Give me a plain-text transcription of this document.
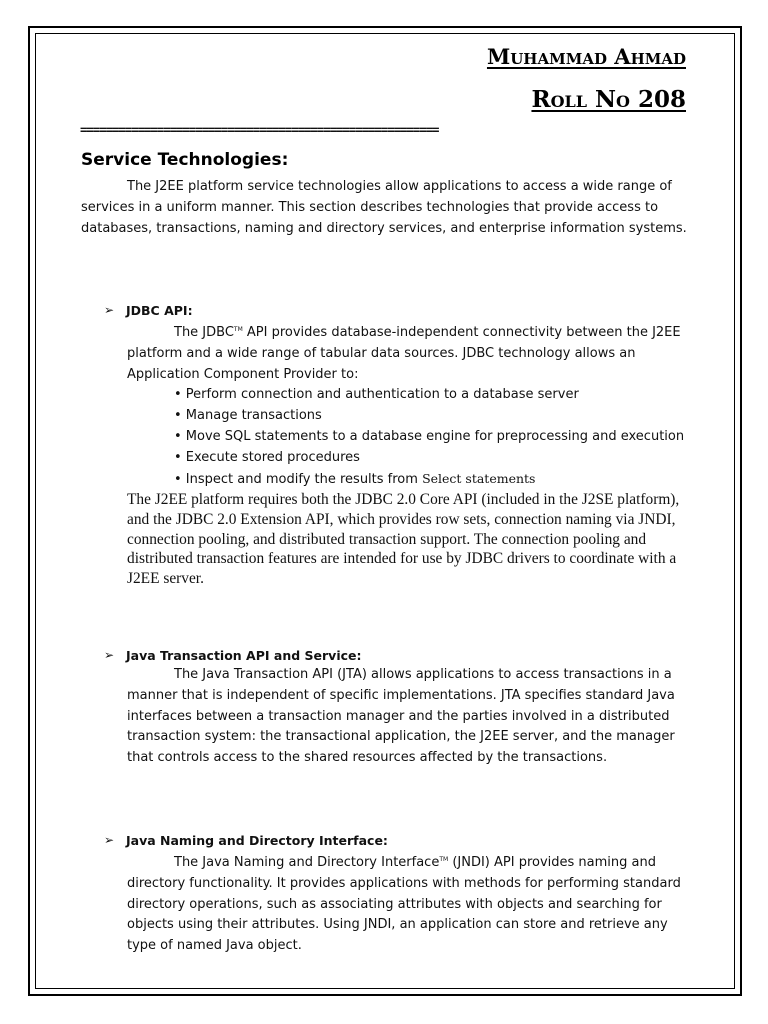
Muhammad Ahmad
Roll No 208
========================================================
Service Technologies:

The J2EE platform service technologies allow applications to access a wide range of services in a uniform manner. This section describes technologies that provide access to databases, transactions, naming and directory services, and enterprise information systems.

➢ JDBC API:

The JDBC™ API provides database-independent connectivity between the J2EE platform and a wide range of tabular data sources. JDBC technology allows an Application Component Provider to:

• Perform connection and authentication to a database server
• Manage transactions
• Move SQL statements to a database engine for preprocessing and execution
• Execute stored procedures
• Inspect and modify the results from Select statements

The J2EE platform requires both the JDBC 2.0 Core API (included in the J2SE platform), and the JDBC 2.0 Extension API, which provides row sets, connection naming via JNDI, connection pooling, and distributed transaction support. The connection pooling and distributed transaction features are intended for use by JDBC drivers to coordinate with a J2EE server.

➢ Java Transaction API and Service:

The Java Transaction API (JTA) allows applications to access transactions in a manner that is independent of specific implementations. JTA specifies standard Java interfaces between a transaction manager and the parties involved in a distributed transaction system: the transactional application, the J2EE server, and the manager that controls access to the shared resources affected by the transactions.

➢ Java Naming and Directory Interface:

The Java Naming and Directory Interface™ (JNDI) API provides naming and directory functionality. It provides applications with methods for performing standard directory operations, such as associating attributes with objects and searching for objects using their attributes. Using JNDI, an application can store and retrieve any type of named Java object.
